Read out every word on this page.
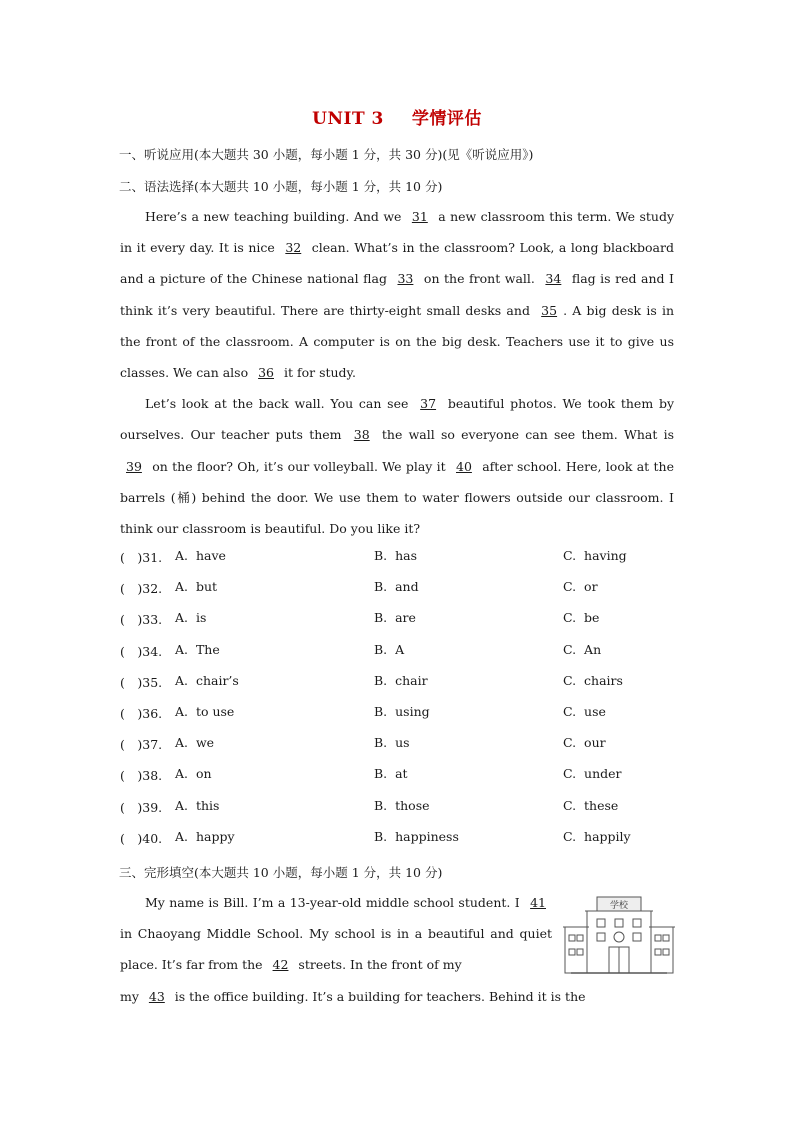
UNIT 3 学情评估
一、听说应用(本大题共 30 小题，每小题 1 分，共 30 分)(见《听说应用》)
二、语法选择(本大题共 10 小题，每小题 1 分，共 10 分)

Here’s a new teaching building. And we 31 a new classroom this term. We study in it every day. It is nice 32 clean. What’s in the classroom? Look, a long blackboard and a picture of the Chinese national flag 33 on the front wall. 34 flag is red and I think it’s very beautiful. There are thirty-eight small desks and 35 . A big desk is in the front of the classroom. A computer is on the big desk. Teachers use it to give us classes. We can also 36 it for study.

Let’s look at the back wall. You can see 37 beautiful photos. We took them by ourselves. Our teacher puts them 38 the wall so everyone can see them. What is 39 on the floor? Oh, it’s our volleyball. We play it 40 after school. Here, look at the barrels (桶) behind the door. We use them to water flowers outside our classroom. I think our classroom is beautiful. Do you like it?

(　)31. A.  have	B.  has	C.  having
(　)32. A.  but	B.  and	C.  or
(　)33. A.  is	B.  are	C.  be
(　)34. A.  The	B.  A	C.  An
(　)35. A.  chair’s	B.  chair	C.  chairs
(　)36. A.  to use	B.  using	C.  use
(　)37. A.  we	B.  us	C.  our
(　)38. A.  on	B.  at	C.  under
(　)39. A.  this	B.  those	C.  these
(　)40. A.  happy	B.  happiness	C.  happily
三、完形填空(本大题共 10 小题，每小题 1 分，共 10 分)

My name is Bill. I’m a 13-year-old middle school student. I 41 in Chaoyang Middle School. My school is in a beautiful and quiet place. It’s far from the 42 streets. In the front of my

my 43 is the office building. It’s a building for teachers. Behind it is the

学校
